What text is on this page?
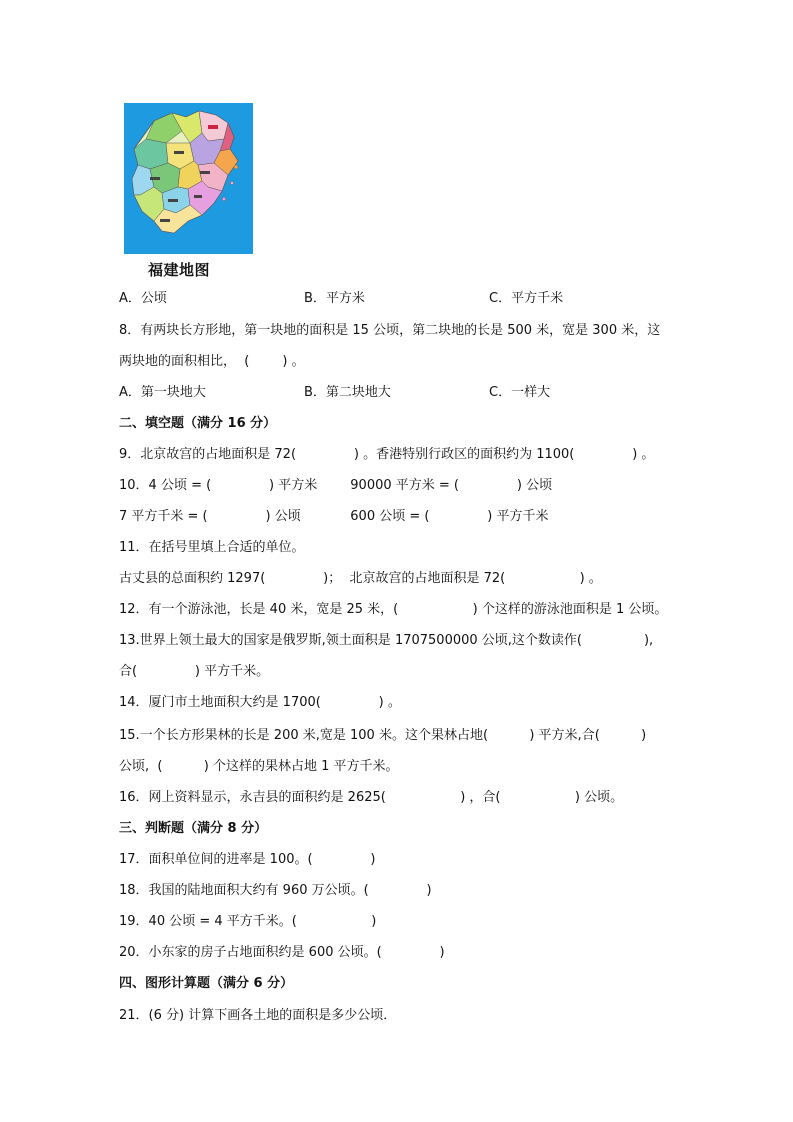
福建地图
A．公顷	B．平方米	C．平方千米
8．有两块长方形地，第一块地的面积是 15 公顷，第二块地的长是 500 米，宽是 300 米，这
两块地的面积相比，  (        ) 。
A．第一块地大	B．第二块地大	C．一样大
二、填空题（满分 16 分）
9．北京故宫的占地面积是 72(              ) 。香港特别行政区的面积约为 1100(              ) 。
10．4 公顷 = (              ) 平方米        90000 平方米 = (              ) 公顷
7 平方千米 = (              ) 公顷            600 公顷 = (              ) 平方千米
11．在括号里填上合适的单位。
古丈县的总面积约 1297(              )；  北京故宫的占地面积是 72(                  ) 。
12．有一个游泳池，长是 40 米，宽是 25 米，(                  ) 个这样的游泳池面积是 1 公顷。
13.世界上领土最大的国家是俄罗斯,领土面积是 1707500000 公顷,这个数读作(               ),
合(              ) 平方千米。
14．厦门市土地面积大约是 1700(              ) 。
15.一个长方形果林的长是 200 米,宽是 100 米。这个果林占地(          ) 平方米,合(          )
公顷,  (          ) 个这样的果林占地 1 平方千米。
16．网上资料显示，永吉县的面积约是 2625(                  ) ，合(                  ) 公顷。
三、判断题（满分 8 分）
17．面积单位间的进率是 100。(              )
18．我国的陆地面积大约有 960 万公顷。(              )
19．40 公顷 = 4 平方千米。(                  )
20．小东家的房子占地面积约是 600 公顷。(              )
四、图形计算题（满分 6 分）
21．(6 分) 计算下画各土地的面积是多少公顷．
